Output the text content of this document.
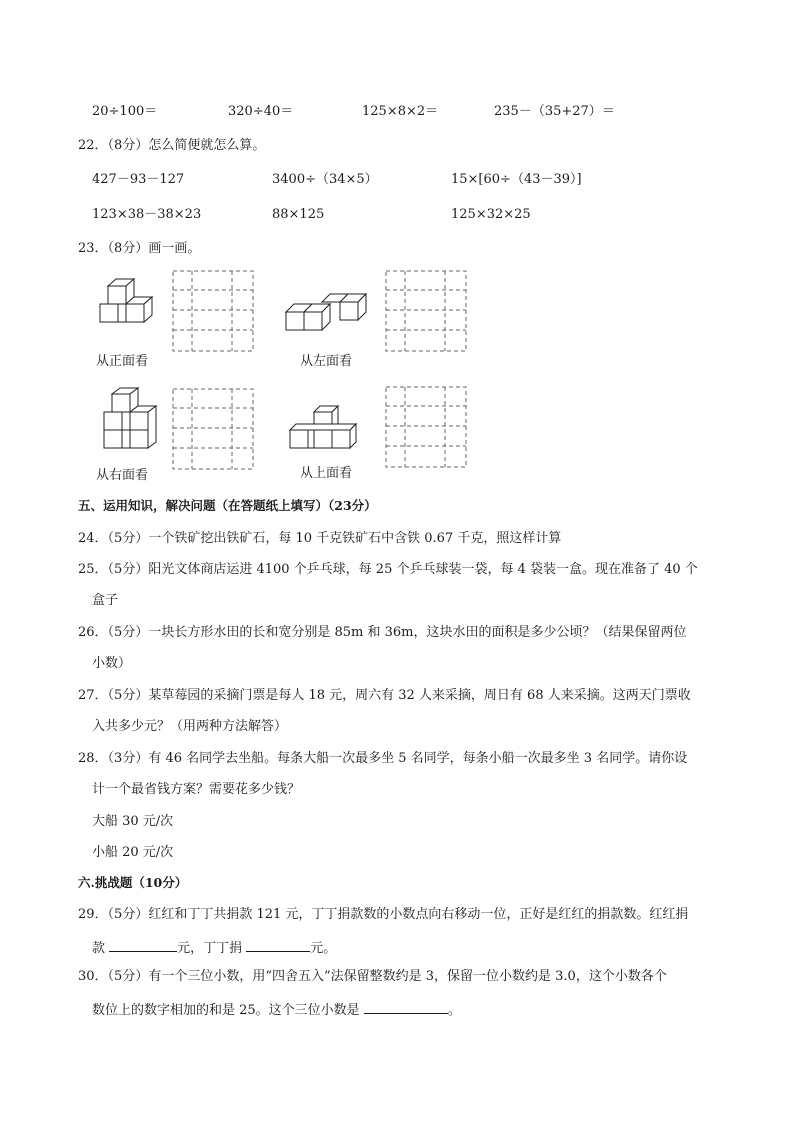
20÷100＝	320÷40＝	125×8×2＝	235－（35+27）＝
22．（8分）怎么简便就怎么算。
427－93－127	3400÷（34×5）	15×[60÷（43－39）]
123×38－38×23	88×125	125×32×25
23．（8分）画一画。
从正面看	从左面看
从右面看	从上面看
五、运用知识，解决问题（在答题纸上填写）（23分）
24．（5分）一个铁矿挖出铁矿石，每 10 千克铁矿石中含铁 0.67 千克，照这样计算
25．（5分）阳光文体商店运进 4100 个乒乓球，每 25 个乒乓球装一袋，每 4 袋装一盒。现在准备了 40 个
盒子
26．（5分）一块长方形水田的长和宽分别是 85m 和 36m，这块水田的面积是多少公顷？（结果保留两位
小数）
27．（5分）某草莓园的采摘门票是每人 18 元，周六有 32 人来采摘，周日有 68 人来采摘。这两天门票收
入共多少元？（用两种方法解答）
28．（3分）有 46 名同学去坐船。每条大船一次最多坐 5 名同学，每条小船一次最多坐 3 名同学。请你设
计一个最省钱方案？需要花多少钱？
大船 30 元/次
小船 20 元/次
六.挑战题（10分）
29．（5分）红红和丁丁共捐款 121 元，丁丁捐款数的小数点向右移动一位，正好是红红的捐款数。红红捐
款	元，丁丁捐	元。
30．（5分）有一个三位小数，用“四舍五入”法保留整数约是 3，保留一位小数约是 3.0，这个小数各个
数位上的数字相加的和是 25。这个三位小数是	。
